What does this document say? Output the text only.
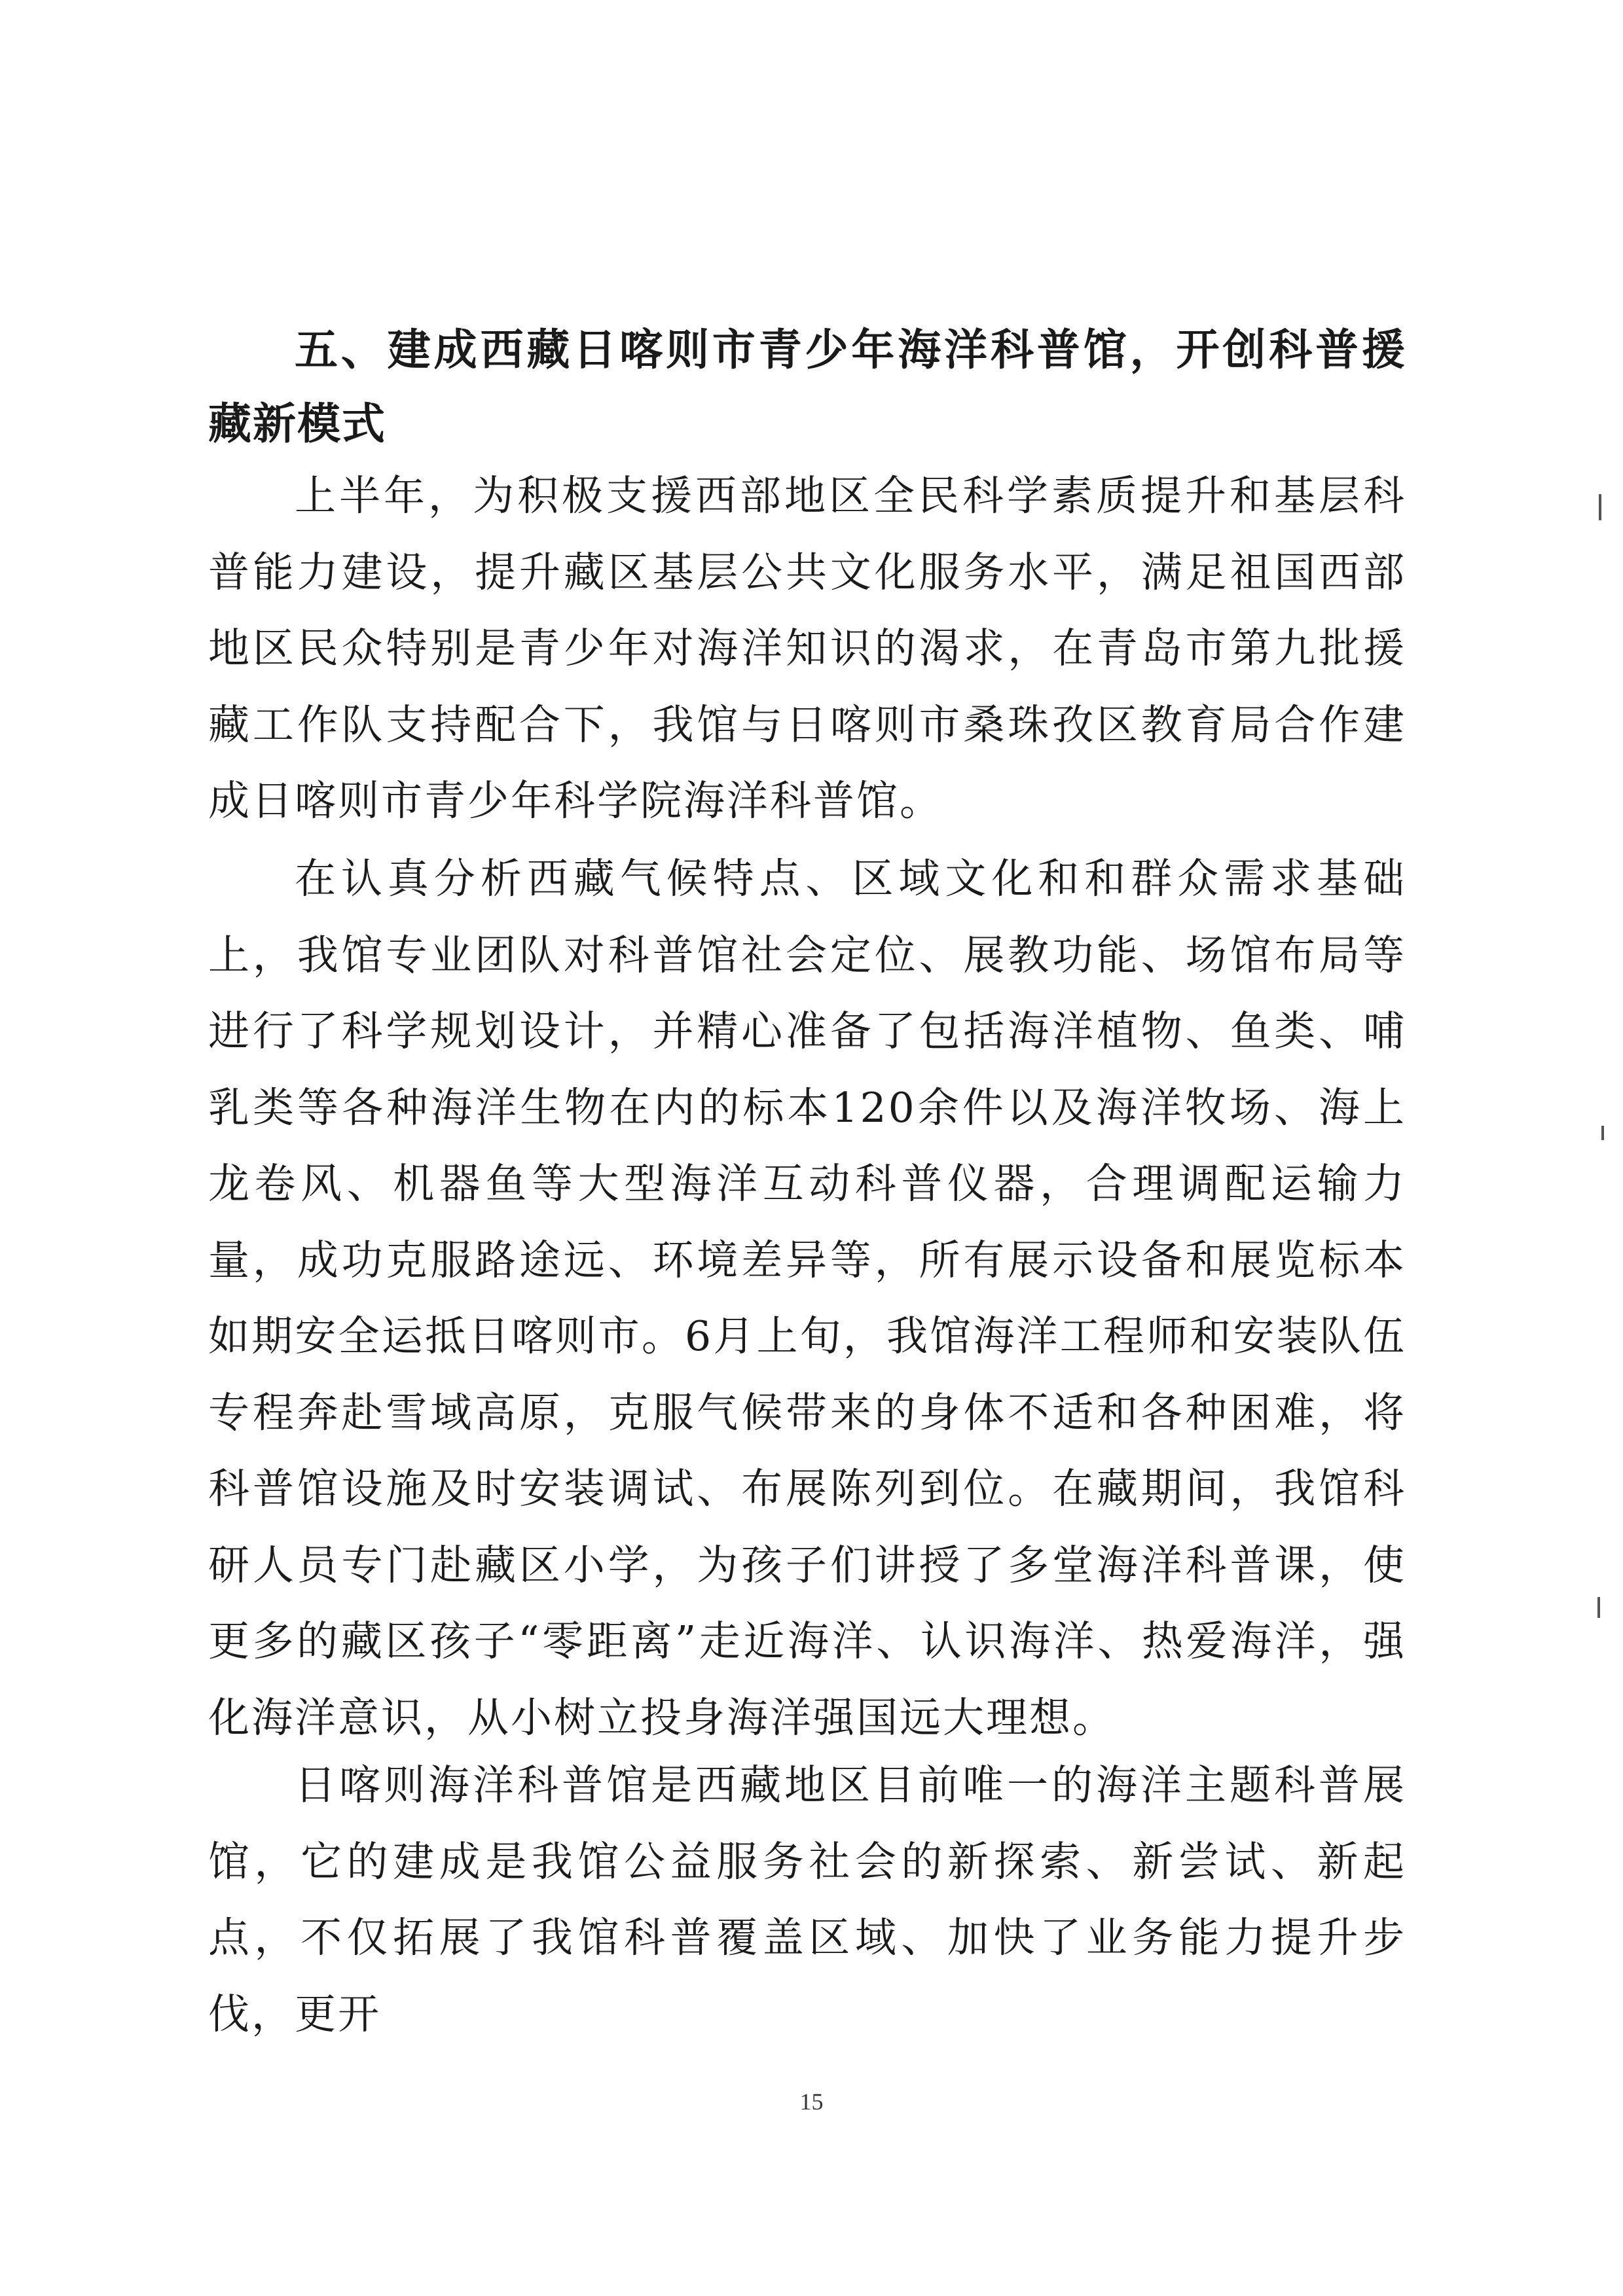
五、建成西藏日喀则市青少年海洋科普馆，开创科普援藏新模式
上半年，为积极支援西部地区全民科学素质提升和基层科普能力建设，提升藏区基层公共文化服务水平，满足祖国西部地区民众特别是青少年对海洋知识的渴求，在青岛市第九批援藏工作队支持配合下，我馆与日喀则市桑珠孜区教育局合作建成日喀则市青少年科学院海洋科普馆。
在认真分析西藏气候特点、区域文化和和群众需求基础上，我馆专业团队对科普馆社会定位、展教功能、场馆布局等进行了科学规划设计，并精心准备了包括海洋植物、鱼类、哺乳类等各种海洋生物在内的标本120余件以及海洋牧场、海上龙卷风、机器鱼等大型海洋互动科普仪器，合理调配运输力量，成功克服路途远、环境差异等，所有展示设备和展览标本如期安全运抵日喀则市。6月上旬，我馆海洋工程师和安装队伍专程奔赴雪域高原，克服气候带来的身体不适和各种困难，将科普馆设施及时安装调试、布展陈列到位。在藏期间，我馆科研人员专门赴藏区小学，为孩子们讲授了多堂海洋科普课，使更多的藏区孩子“零距离”走近海洋、认识海洋、热爱海洋，强化海洋意识，从小树立投身海洋强国远大理想。
日喀则海洋科普馆是西藏地区目前唯一的海洋主题科普展馆，它的建成是我馆公益服务社会的新探索、新尝试、新起点，不仅拓展了我馆科普覆盖区域、加快了业务能力提升步伐，更开
15
